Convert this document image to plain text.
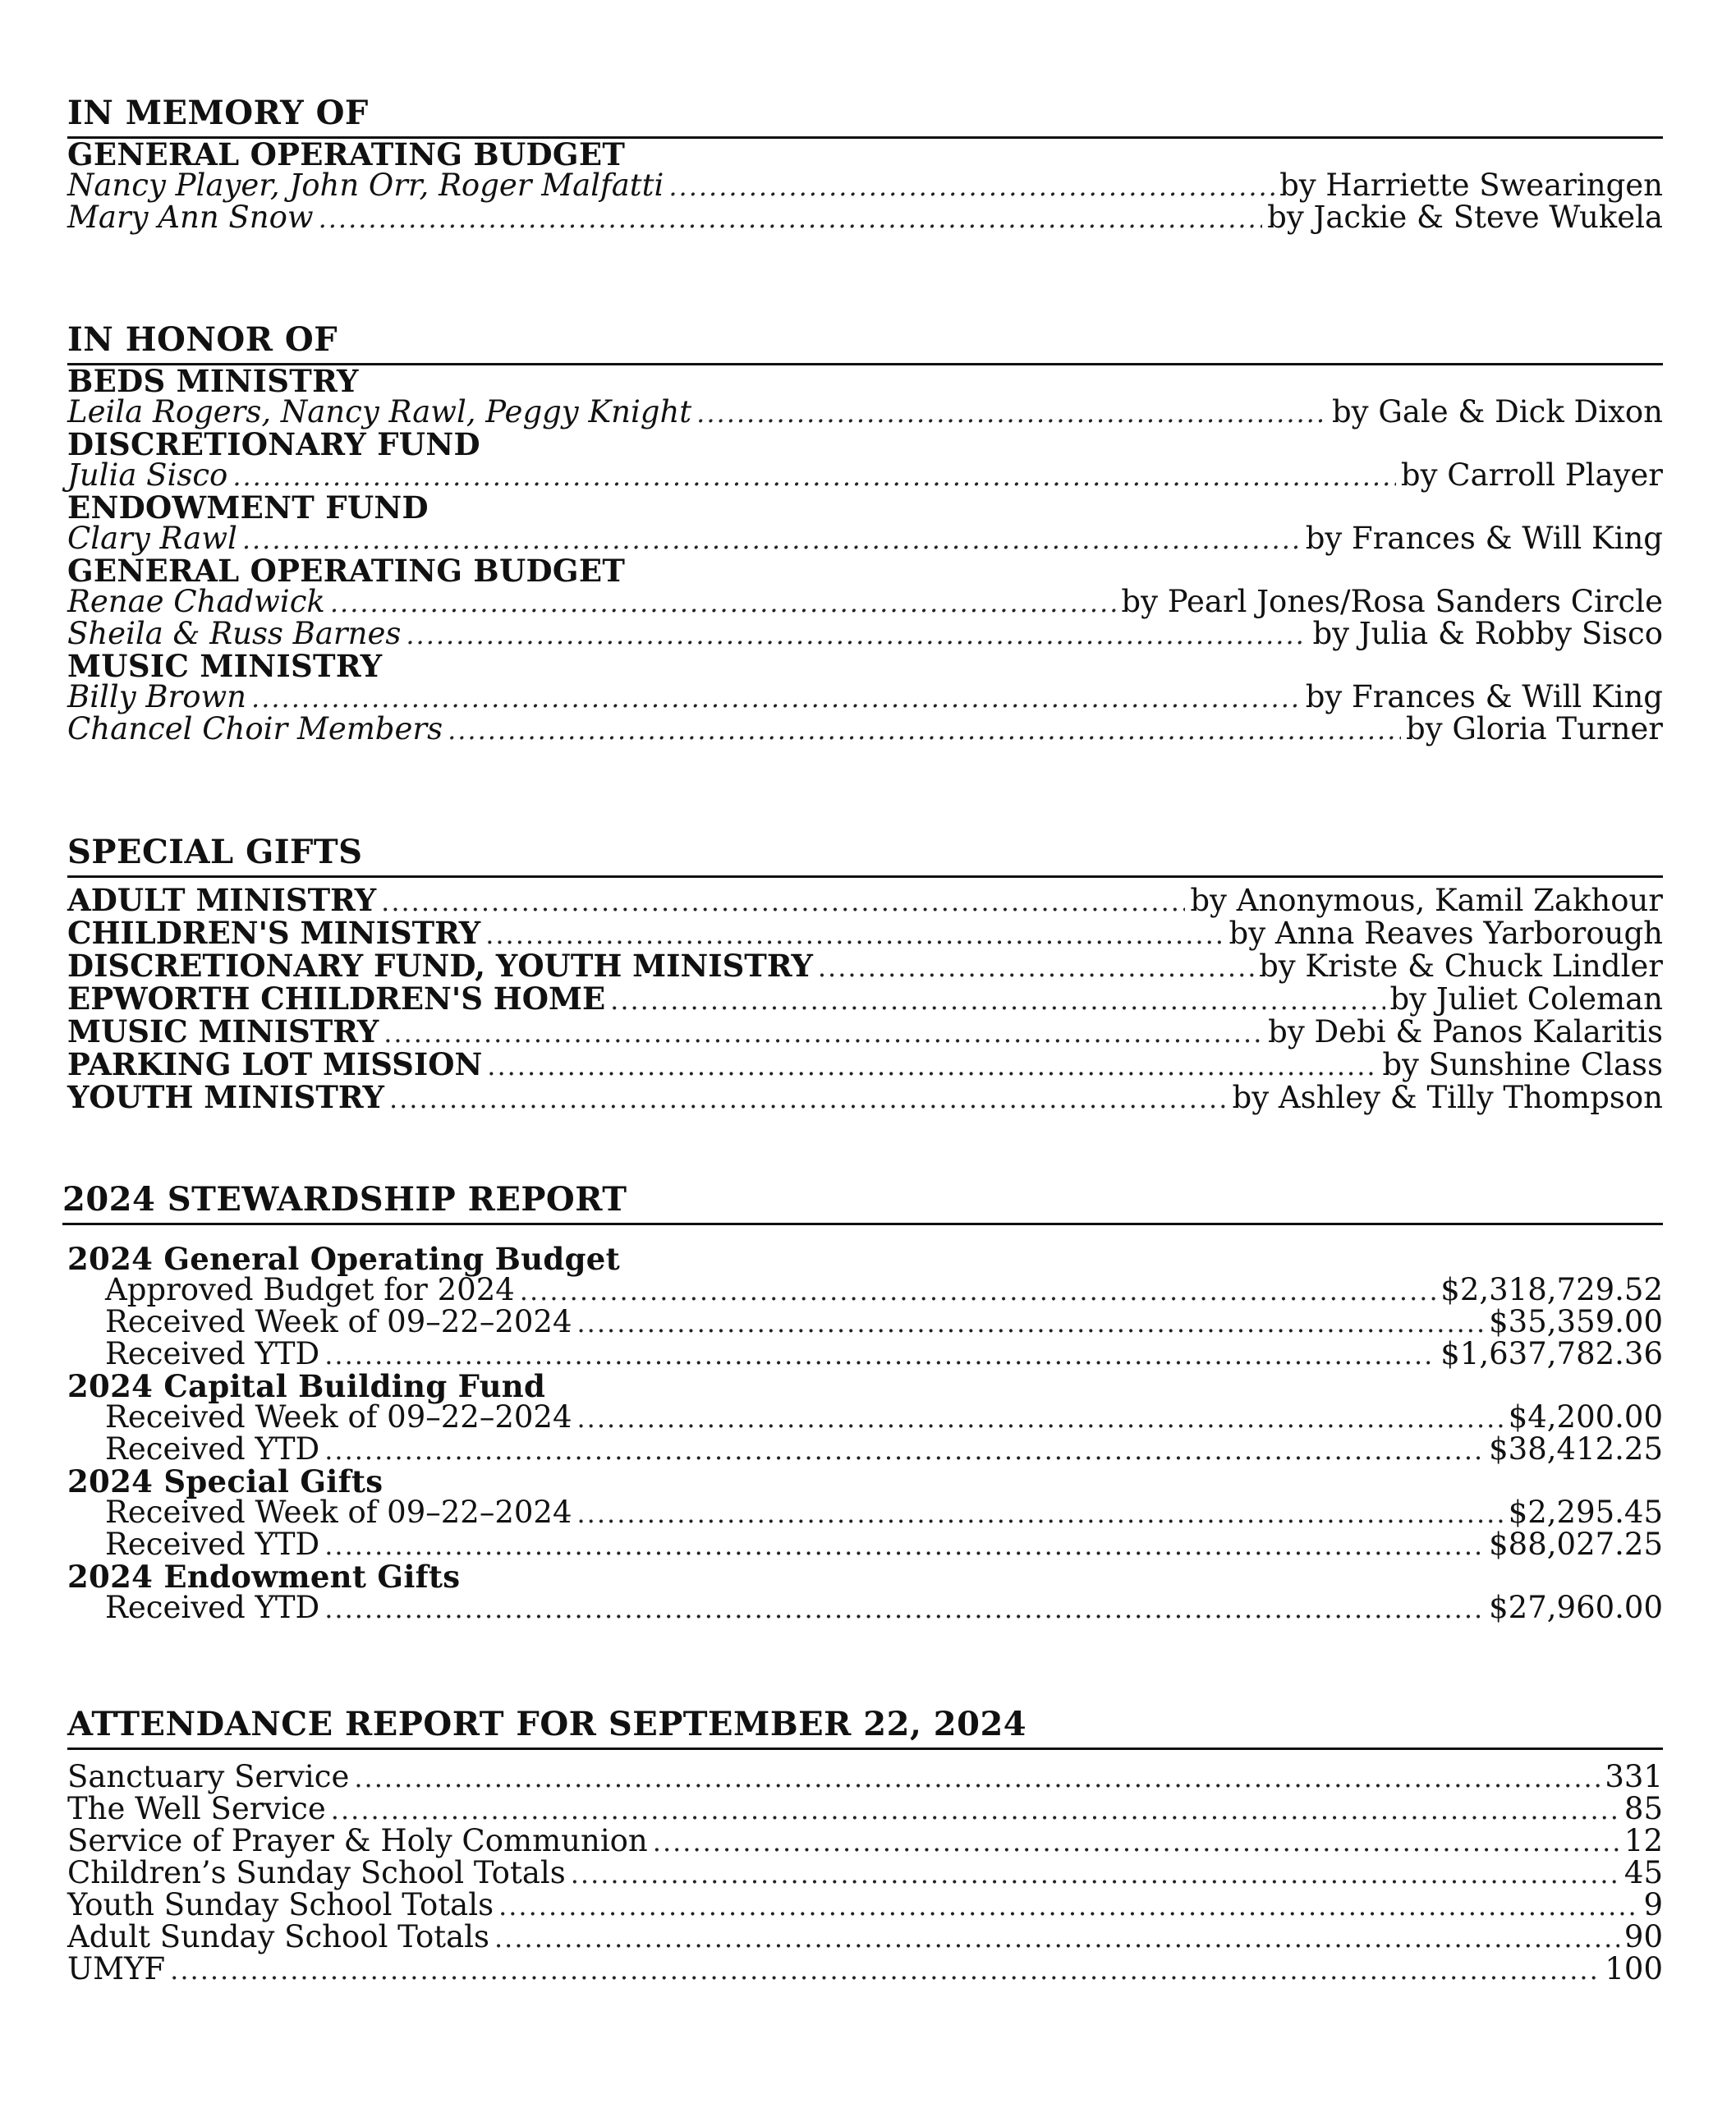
IN MEMORY OF
GENERAL OPERATING BUDGET
Nancy Player, John Orr, Roger Malfatti .....	by Harriette Swearingen
Mary Ann Snow .....	by Jackie & Steve Wukela
IN HONOR OF
BEDS MINISTRY
Leila Rogers, Nancy Rawl, Peggy Knight .....	by Gale & Dick Dixon
DISCRETIONARY FUND
Julia Sisco .....	by Carroll Player
ENDOWMENT FUND
Clary Rawl .....	by Frances & Will King
GENERAL OPERATING BUDGET
Renae Chadwick .....	by Pearl Jones/Rosa Sanders Circle
Sheila & Russ Barnes .....	by Julia & Robby Sisco
MUSIC MINISTRY
Billy Brown .....	by Frances & Will King
Chancel Choir Members .....	by Gloria Turner
SPECIAL GIFTS
ADULT MINISTRY .....	by Anonymous, Kamil Zakhour
CHILDREN'S MINISTRY .....	by Anna Reaves Yarborough
DISCRETIONARY FUND, YOUTH MINISTRY .....	by Kriste & Chuck Lindler
EPWORTH CHILDREN'S HOME .....	by Juliet Coleman
MUSIC MINISTRY .....	by Debi & Panos Kalaritis
PARKING LOT MISSION .....	by Sunshine Class
YOUTH MINISTRY .....	by Ashley & Tilly Thompson
2024 STEWARDSHIP REPORT
2024 General Operating Budget
Approved Budget for 2024 .....	$2,318,729.52
Received Week of 09–22–2024 .....	$35,359.00
Received YTD .....	$1,637,782.36
2024 Capital Building Fund
Received Week of 09–22–2024 .....	$4,200.00
Received YTD .....	$38,412.25
2024 Special Gifts
Received Week of 09–22–2024 .....	$2,295.45
Received YTD .....	$88,027.25
2024 Endowment Gifts
Received YTD .....	$27,960.00
ATTENDANCE REPORT FOR SEPTEMBER 22, 2024
Sanctuary Service .....	331
The Well Service .....	85
Service of Prayer & Holy Communion .....	12
Children’s Sunday School Totals .....	45
Youth Sunday School Totals .....	9
Adult Sunday School Totals .....	90
UMYF .....	100
